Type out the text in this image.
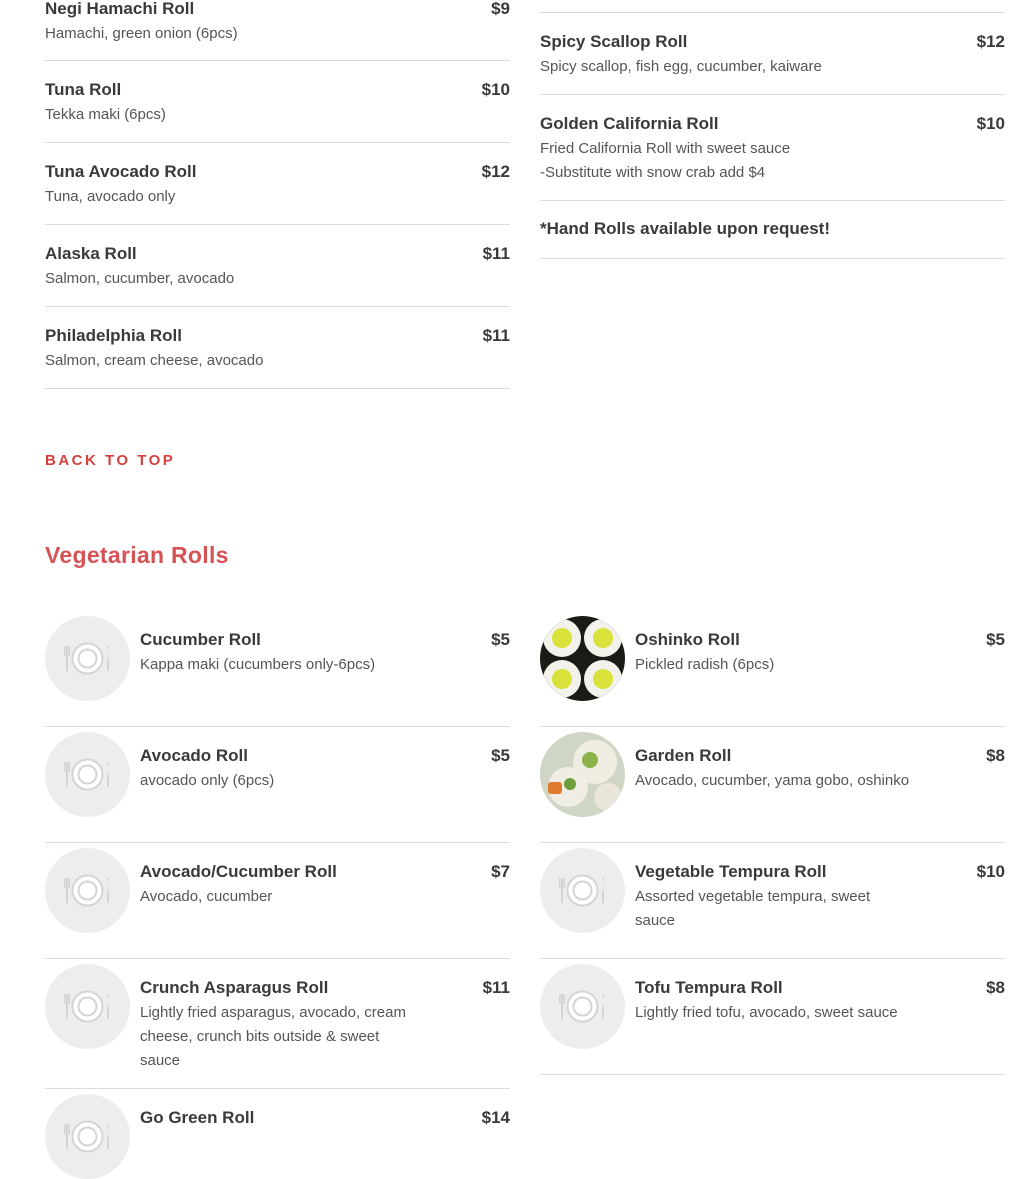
Negi Hamachi Roll	$9
Hamachi, green onion (6pcs)
Tuna Roll	$10
Tekka maki (6pcs)
Tuna Avocado Roll	$12
Tuna, avocado only
Alaska Roll	$11
Salmon, cucumber, avocado
Philadelphia Roll	$11
Salmon, cream cheese, avocado
Spicy Scallop Roll	$12
Spicy scallop, fish egg, cucumber, kaiware
Golden California Roll	$10
Fried California Roll with sweet sauce
-Substitute with snow crab add $4
*Hand Rolls available upon request!
BACK TO TOP
Vegetarian Rolls
Cucumber Roll	$5
Kappa maki (cucumbers only-6pcs)
Avocado Roll	$5
avocado only (6pcs)
Avocado/Cucumber Roll	$7
Avocado, cucumber
Crunch Asparagus Roll	$11
Lightly fried asparagus, avocado, cream cheese, crunch bits outside & sweet sauce
Go Green Roll	$14
Oshinko Roll	$5
Pickled radish (6pcs)
Garden Roll	$8
Avocado, cucumber, yama gobo, oshinko
Vegetable Tempura Roll	$10
Assorted vegetable tempura, sweet sauce
Tofu Tempura Roll	$8
Lightly fried tofu, avocado, sweet sauce
